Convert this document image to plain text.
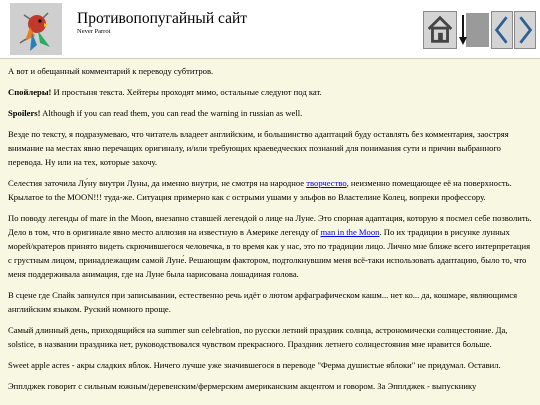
Противопопугайный сайт
Never Parrot

А вот и обещанный комментарий к переводу субтитров.

Спойлеры! И простыня текста. Хейтеры проходят мимо, остальные следуют под кат.

Spoilers! Although if you can read them, you can read the warning in russian as well.

Везде по тексту, я подразумеваю, что читатель владеет английским, и большинство адаптаций буду оставлять без комментария, заостряя внимание на местах явно перечащих оригиналу, и/или требующих краеведческих познаний для понимания сути и причин выбранного перевода. Ну или на тех, которые захочу.

Селестия заточила Лу́ну внутри Луны, да именно внутри, не смотря на народное творчество, неизменно помещающее её на поверхность. Крылатое to the MOON!!! туда-же. Ситуация примерно как с острыми ушами у эльфов во Властелине Колец, вопреки профессору.

По поводу легенды of mare in the Moon, внезапно ставшей легендой о лице на Луне. Это спорная адаптация, которую я посмел себе позволить. Дело в том, что в оригинале явно место аллюзия на известную в Америке легенду of man in the Moon. По их традиции в рисунке лунных морей/кратеров принято видеть скрючившегося человечка, в то время как у нас, это по традиции лицо. Лично мне ближе всего интерпретация с грустным лицом, принадлежащим самой Луне́. Решающим фактором, подтолкнувшим меня всё-таки использовать адаптацию, было то, что меня поддерживала анимация, где на Луне была нарисована лошадиная голова.

В сцене где Спайк запнулся при записывании, естественно речь идёт о лютом арфаграфическом кашм... нет ко... да, кошмаре, являющимся английским языком. Руский номного проще.

Самый длинный день, приходящийся на summer sun celebration, по русски летний праздник солнца, астрономически солнцестояние. Да, solstice, в названии праздника нет, руководствовался чувством прекрасного. Праздник летнего солнцестояния мне нравится больше.

Sweet apple acres - акры сладких яблок. Ничего лучше уже значившегося в переводе "Ферма душистые яблоки" не придумал. Оставил.

Эпплджек говорит с сильным южным/деревенским/фермерским американским акцентом и говором. За Эпплджек - выпускнику
